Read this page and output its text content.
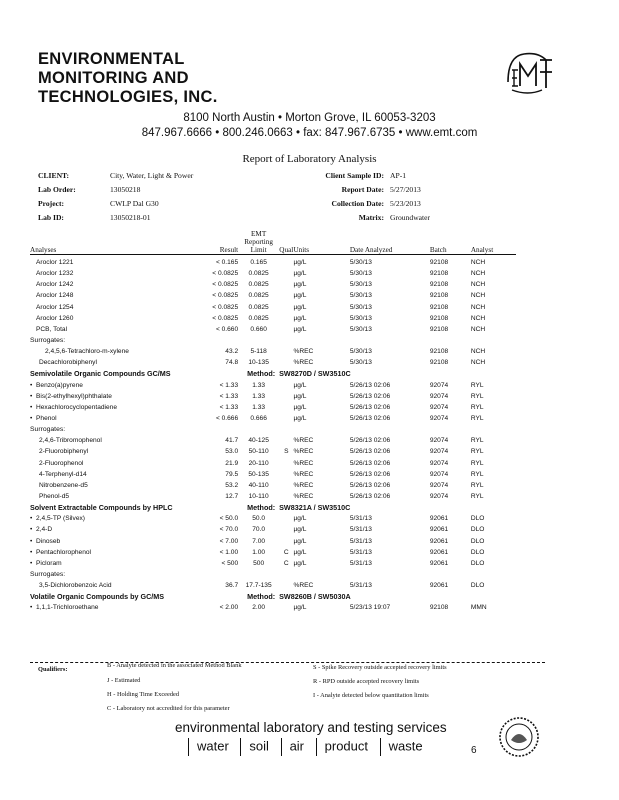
ENVIRONMENTAL
MONITORING AND
TECHNOLOGIES, INC.
8100 North Austin • Morton Grove, IL 60053-3203
847.967.6666 • 800.246.0663 • fax: 847.967.6735 • www.emt.com
Report of Laboratory Analysis
CLIENT:	City, Water, Light & Power
Lab Order:	13050218
Project:	CWLP Dal G30
Lab ID:	13050218-01
Client Sample ID: AP-1
Report Date: 5/27/2013
Collection Date: 5/23/2013
Matrix: Groundwater
Analyses	Result	EMT
Reporting
Limit	Qual	Units	Date Analyzed	Batch	Analyst

Aroclor 1221	< 0.165	0.165		µg/L	5/30/13	92108	NCH
Aroclor 1232	< 0.0825	0.0825		µg/L	5/30/13	92108	NCH
Aroclor 1242	< 0.0825	0.0825		µg/L	5/30/13	92108	NCH
Aroclor 1248	< 0.0825	0.0825		µg/L	5/30/13	92108	NCH
Aroclor 1254	< 0.0825	0.0825		µg/L	5/30/13	92108	NCH
Aroclor 1260	< 0.0825	0.0825		µg/L	5/30/13	92108	NCH
PCB, Total	< 0.660	0.660		µg/L	5/30/13	92108	NCH
Surrogates:							
2,4,5,6-Tetrachloro-m-xylene	43.2	5-118		%REC	5/30/13	92108	NCH
Decachlorobiphenyl	74.8	10-135		%REC	5/30/13	92108	NCH
Semivolatile Organic Compounds GC/MS		Method:	SW8270D / SW3510C				
• Benzo(a)pyrene	< 1.33	1.33		µg/L	5/26/13 02:06	92074	RYL
• Bis(2-ethylhexyl)phthalate	< 1.33	1.33		µg/L	5/26/13 02:06	92074	RYL
• Hexachlorocyclopentadiene	< 1.33	1.33		µg/L	5/26/13 02:06	92074	RYL
• Phenol	< 0.666	0.666		µg/L	5/26/13 02:06	92074	RYL
Surrogates:							
2,4,6-Tribromophenol	41.7	40-125		%REC	5/26/13 02:06	92074	RYL
2-Fluorobiphenyl	53.0	50-110	S	%REC	5/26/13 02:06	92074	RYL
2-Fluorophenol	21.9	20-110		%REC	5/26/13 02:06	92074	RYL
4-Terphenyl-d14	79.5	50-135		%REC	5/26/13 02:06	92074	RYL
Nitrobenzene-d5	53.2	40-110		%REC	5/26/13 02:06	92074	RYL
Phenol-d5	12.7	10-110		%REC	5/26/13 02:06	92074	RYL
Solvent Extractable Compounds by HPLC		Method:	SW8321A / SW3510C				
• 2,4,5-TP (Silvex)	< 50.0	50.0		µg/L	5/31/13	92061	DLO
• 2,4-D	< 70.0	70.0		µg/L	5/31/13	92061	DLO
• Dinoseb	< 7.00	7.00		µg/L	5/31/13	92061	DLO
• Pentachlorophenol	< 1.00	1.00	C	µg/L	5/31/13	92061	DLO
• Picloram	< 500	500	C	µg/L	5/31/13	92061	DLO
Surrogates:							
3,5-Dichlorobenzoic Acid	36.7	17.7-135		%REC	5/31/13	92061	DLO
Volatile Organic Compounds by GC/MS		Method:	SW8260B / SW5030A				
• 1,1,1-Trichloroethane	< 2.00	2.00		µg/L	5/23/13 19:07	92108	MMN
Qualifiers:
B - Analyte detected in the associated Method Blank
J - Estimated
H - Holding Time Exceeded
C - Laboratory not accredited for this parameter
S - Spike Recovery outside accepted recovery limits
R - RPD outside accepted recovery limits
I - Analyte detected below quantitation limits
environmental laboratory and testing services
water soil air product waste	6
